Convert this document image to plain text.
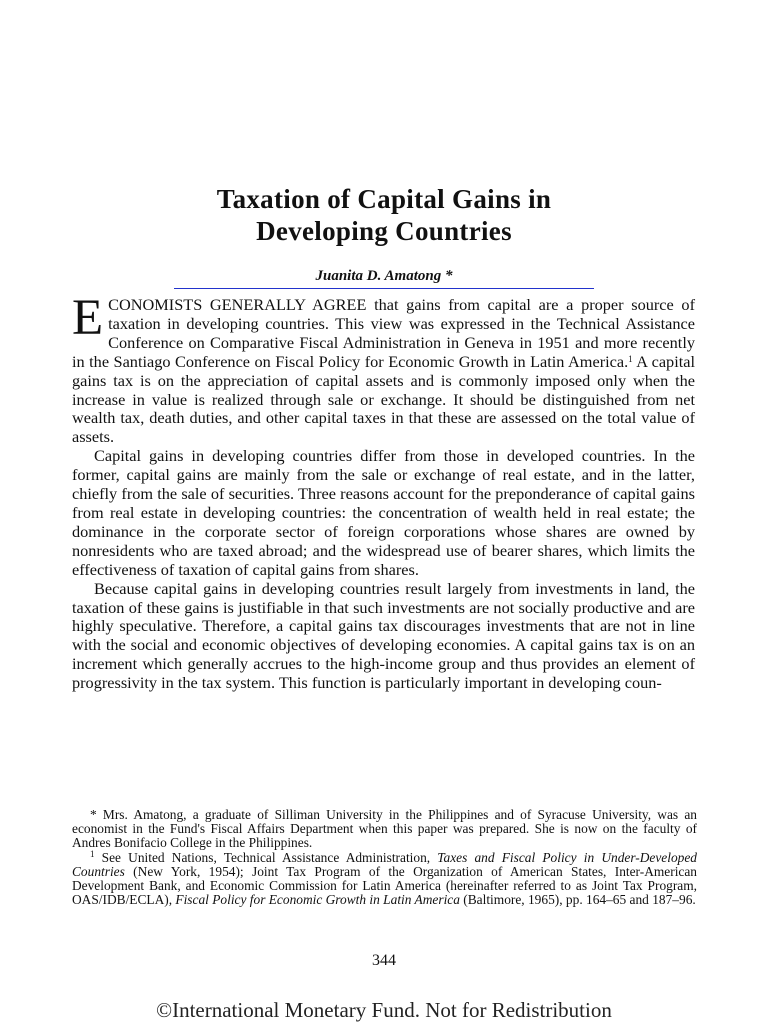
Taxation of Capital Gains in
Developing Countries
Juanita D. Amatong *

ECONOMISTS GENERALLY AGREE that gains from capital are a proper source of taxation in developing countries. This view was expressed in the Technical Assistance Conference on Comparative Fiscal Administration in Geneva in 1951 and more recently in the Santiago Conference on Fiscal Policy for Economic Growth in Latin America.$^1$ A capital gains tax is on the appreciation of capital assets and is commonly imposed only when the increase in value is realized through sale or exchange. It should be distinguished from net wealth tax, death duties, and other capital taxes in that these are assessed on the total value of assets.

Capital gains in developing countries differ from those in developed countries. In the former, capital gains are mainly from the sale or exchange of real estate, and in the latter, chiefly from the sale of securities. Three reasons account for the preponderance of capital gains from real estate in developing countries: the concentration of wealth held in real estate; the dominance in the corporate sector of foreign corporations whose shares are owned by nonresidents who are taxed abroad; and the widespread use of bearer shares, which limits the effectiveness of taxation of capital gains from shares.

Because capital gains in developing countries result largely from investments in land, the taxation of these gains is justifiable in that such investments are not socially productive and are highly speculative. Therefore, a capital gains tax discourages investments that are not in line with the social and economic objectives of developing economies. A capital gains tax is on an increment which generally accrues to the high-income group and thus provides an element of progressivity in the tax system. This function is particularly important in developing coun-

* Mrs. Amatong, a graduate of Silliman University in the Philippines and of Syracuse University, was an economist in the Fund's Fiscal Affairs Department when this paper was prepared. She is now on the faculty of Andres Bonifacio College in the Philippines.

$^1$ See United Nations, Technical Assistance Administration, Taxes and Fiscal Policy in Under-Developed Countries (New York, 1954); Joint Tax Program of the Organization of American States, Inter-American Development Bank, and Economic Commission for Latin America (hereinafter referred to as Joint Tax Program, OAS/IDB/ECLA), Fiscal Policy for Economic Growth in Latin America (Baltimore, 1965), pp. 164–65 and 187–96.

344
©International Monetary Fund. Not for Redistribution
